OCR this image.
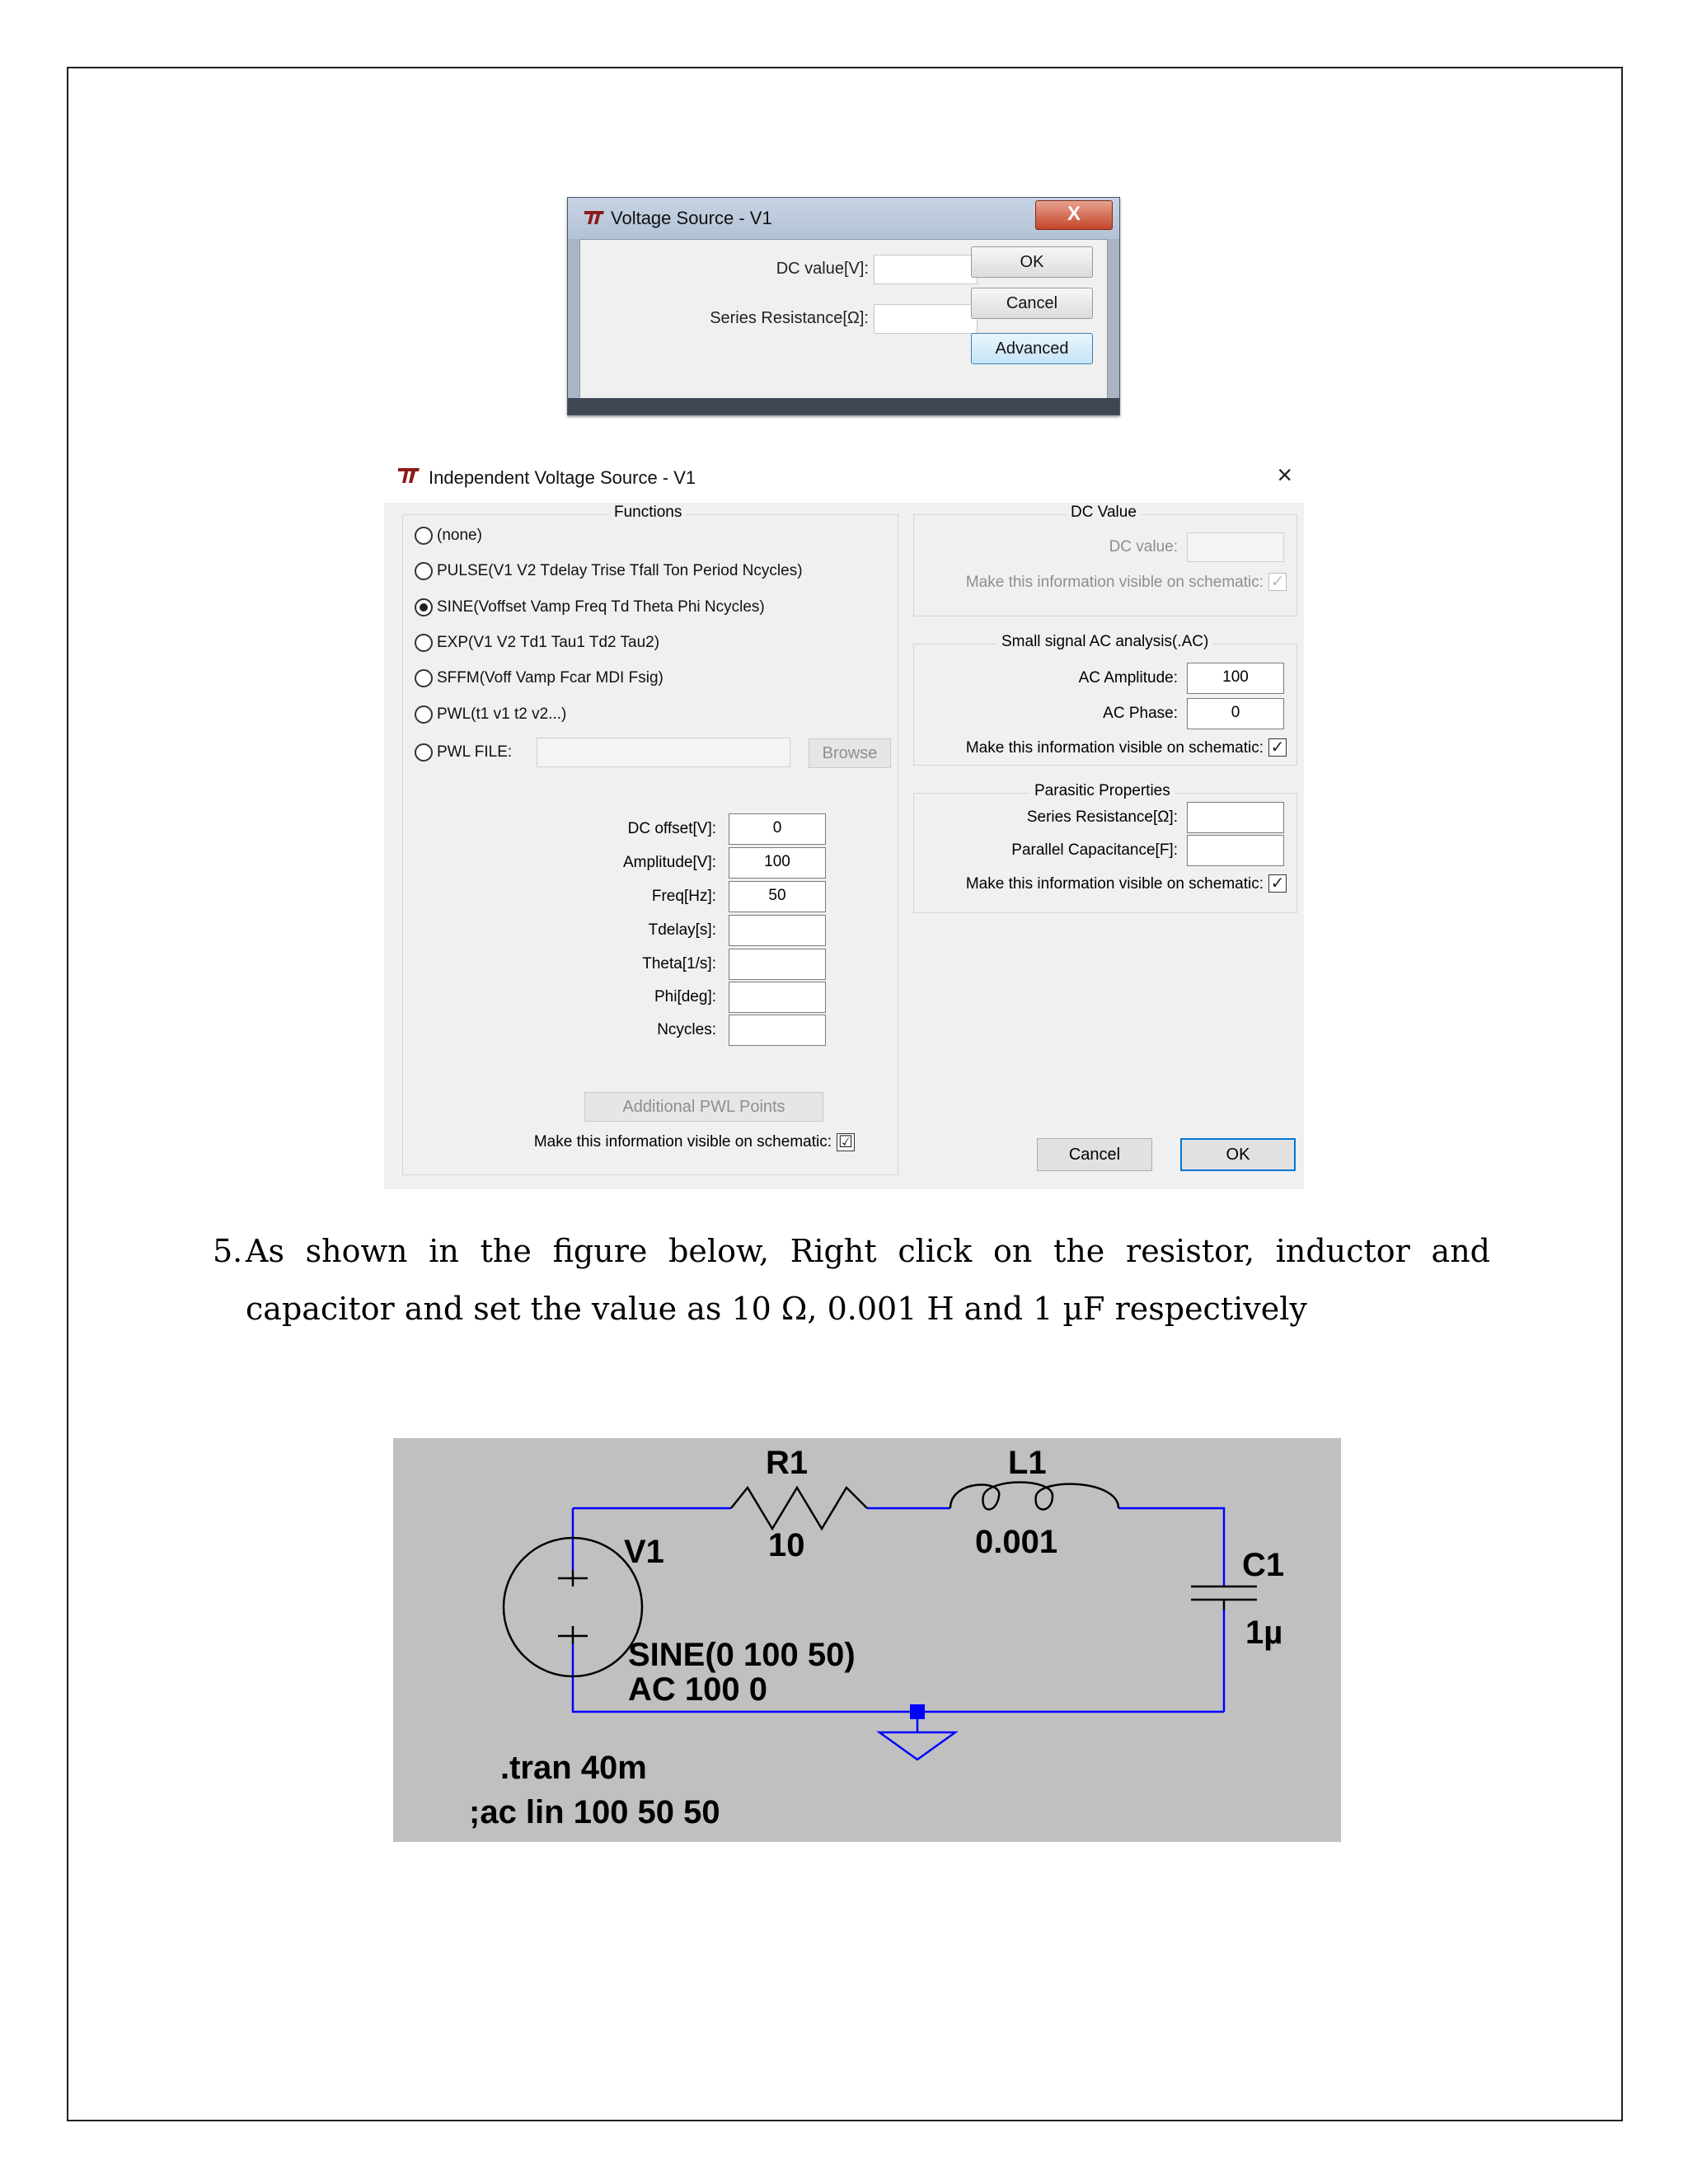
Voltage Source - V1	X
DC value[V]:
Series Resistance[Ω]:
OK
Cancel
Advanced
Independent Voltage Source - V1	×
Functions
(none)
PULSE(V1 V2 Tdelay Trise Tfall Ton Period Ncycles)
SINE(Voffset Vamp Freq Td Theta Phi Ncycles)
EXP(V1 V2 Td1 Tau1 Td2 Tau2)
SFFM(Voff Vamp Fcar MDI Fsig)
PWL(t1 v1 t2 v2...)
PWL FILE:	Browse
DC offset[V]:	0
Amplitude[V]:	100
Freq[Hz]:	50
Tdelay[s]:
Theta[1/s]:
Phi[deg]:
Ncycles:
Additional PWL Points
Make this information visible on schematic: ☑
DC Value
DC value:
Make this information visible on schematic: ✓
Small signal AC analysis(.AC)
AC Amplitude:	100
AC Phase:	0
Make this information visible on schematic: ✓
Parasitic Properties
Series Resistance[Ω]:
Parallel Capacitance[F]:
Make this information visible on schematic: ✓
Cancel	OK
5. As shown in the figure below, Right click on the resistor, inductor and capacitor and set the value as 10 Ω, 0.001 H and 1 µF respectively
R1
10
L1
0.001
C1
1µ
V1
SINE(0 100 50)
AC 100 0
.tran 40m
;ac lin 100 50 50
